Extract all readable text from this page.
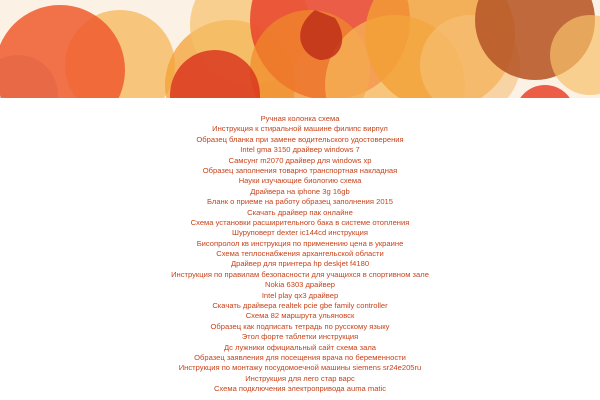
Ручная колонка схема
Инструкция к стиральной машине филипс вирпул
Образец бланка при замене водительского удостоверения
Intel gma 3150 драйвер windows 7
Самсунг m2070 драйвер для windows xp
Образец заполнения товарно транспортная накладная
Науки изучающие биологию схема
Драйвера на iphone 3g 16gb
Бланк о приеме на работу образец заполнения 2015
Скачать драйвер пак онлайне
Схема установки расширительного бака в системе отопления
Шуруповерт dexter ic144cd инструкция
Бисопролол кв инструкция по применению цена в украине
Схема теплоснабжения архангельской области
Драйвер для принтера hp deskjet f4180
Инструкция по правилам безопасности для учащихся в спортивном зале
Nokia 6303 драйвер
Intel play qx3 драйвер
Скачать драйвера realtek pcie gbe family controller
Схема 82 маршрута ульяновск
Образец как подписать тетрадь по русскому языку
Этол форте таблетки инструкция
Дс лужники официальный сайт схема зала
Образец заявления для посещения врача по беременности
Инструкция по монтажу посудомоечной машины siemens sr24e205ru
Инструкция для лего стар варс
Схема подключения электропривода auma matic
